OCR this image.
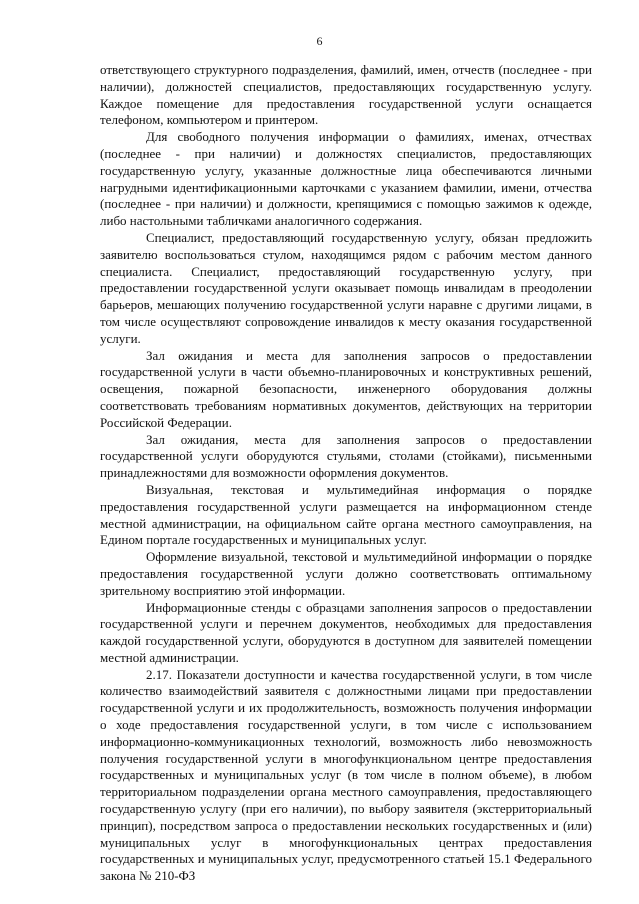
6

ответствующего структурного подразделения, фамилий, имен, отчеств (последнее - при наличии), должностей специалистов, предоставляющих государственную услугу. Каждое помещение для предоставления государственной услуги оснащается телефоном, компьютером и принтером.

Для свободного получения информации о фамилиях, именах, отчествах (последнее - при наличии) и должностях специалистов, предоставляющих государственную услугу, указанные должностные лица обеспечиваются личными нагрудными идентификационными карточками с указанием фамилии, имени, отчества (последнее - при наличии) и должности, крепящимися с помощью зажимов к одежде, либо настольными табличками аналогичного содержания.

Специалист, предоставляющий государственную услугу, обязан предложить заявителю воспользоваться стулом, находящимся рядом с рабочим местом данного специалиста. Специалист, предоставляющий государственную услугу, при предоставлении государственной услуги оказывает помощь инвалидам в преодолении барьеров, мешающих получению государственной услуги наравне с другими лицами, в том числе осуществляют сопровождение инвалидов к месту оказания государственной услуги.

Зал ожидания и места для заполнения запросов о предоставлении государственной услуги в части объемно-планировочных и конструктивных решений, освещения, пожарной безопасности, инженерного оборудования должны соответствовать требованиям нормативных документов, действующих на территории Российской Федерации.

Зал ожидания, места для заполнения запросов о предоставлении государственной услуги оборудуются стульями, столами (стойками), письменными принадлежностями для возможности оформления документов.

Визуальная, текстовая и мультимедийная информация о порядке предоставления государственной услуги размещается на информационном стенде местной администрации, на официальном сайте органа местного самоуправления, на Едином портале государственных и муниципальных услуг.

Оформление визуальной, текстовой и мультимедийной информации о порядке предоставления государственной услуги должно соответствовать оптимальному зрительному восприятию этой информации.

Информационные стенды с образцами заполнения запросов о предоставлении государственной услуги и перечнем документов, необходимых для предоставления каждой государственной услуги, оборудуются в доступном для заявителей помещении местной администрации.

2.17. Показатели доступности и качества государственной услуги, в том числе количество взаимодействий заявителя с должностными лицами при предоставлении государственной услуги и их продолжительность, возможность получения информации о ходе предоставления государственной услуги, в том числе с использованием информационно-коммуникационных технологий, возможность либо невозможность получения государственной услуги в многофункциональном центре предоставления государственных и муниципальных услуг (в том числе в полном объеме), в любом территориальном подразделении органа местного самоуправления, предоставляющего государственную услугу (при его наличии), по выбору заявителя (экстерриториальный принцип), посредством запроса о предоставлении нескольких государственных и (или) муниципальных услуг в многофункциональных центрах предоставления государственных и муниципальных услуг, предусмотренного статьей 15.1 Федерального закона № 210-ФЗ
